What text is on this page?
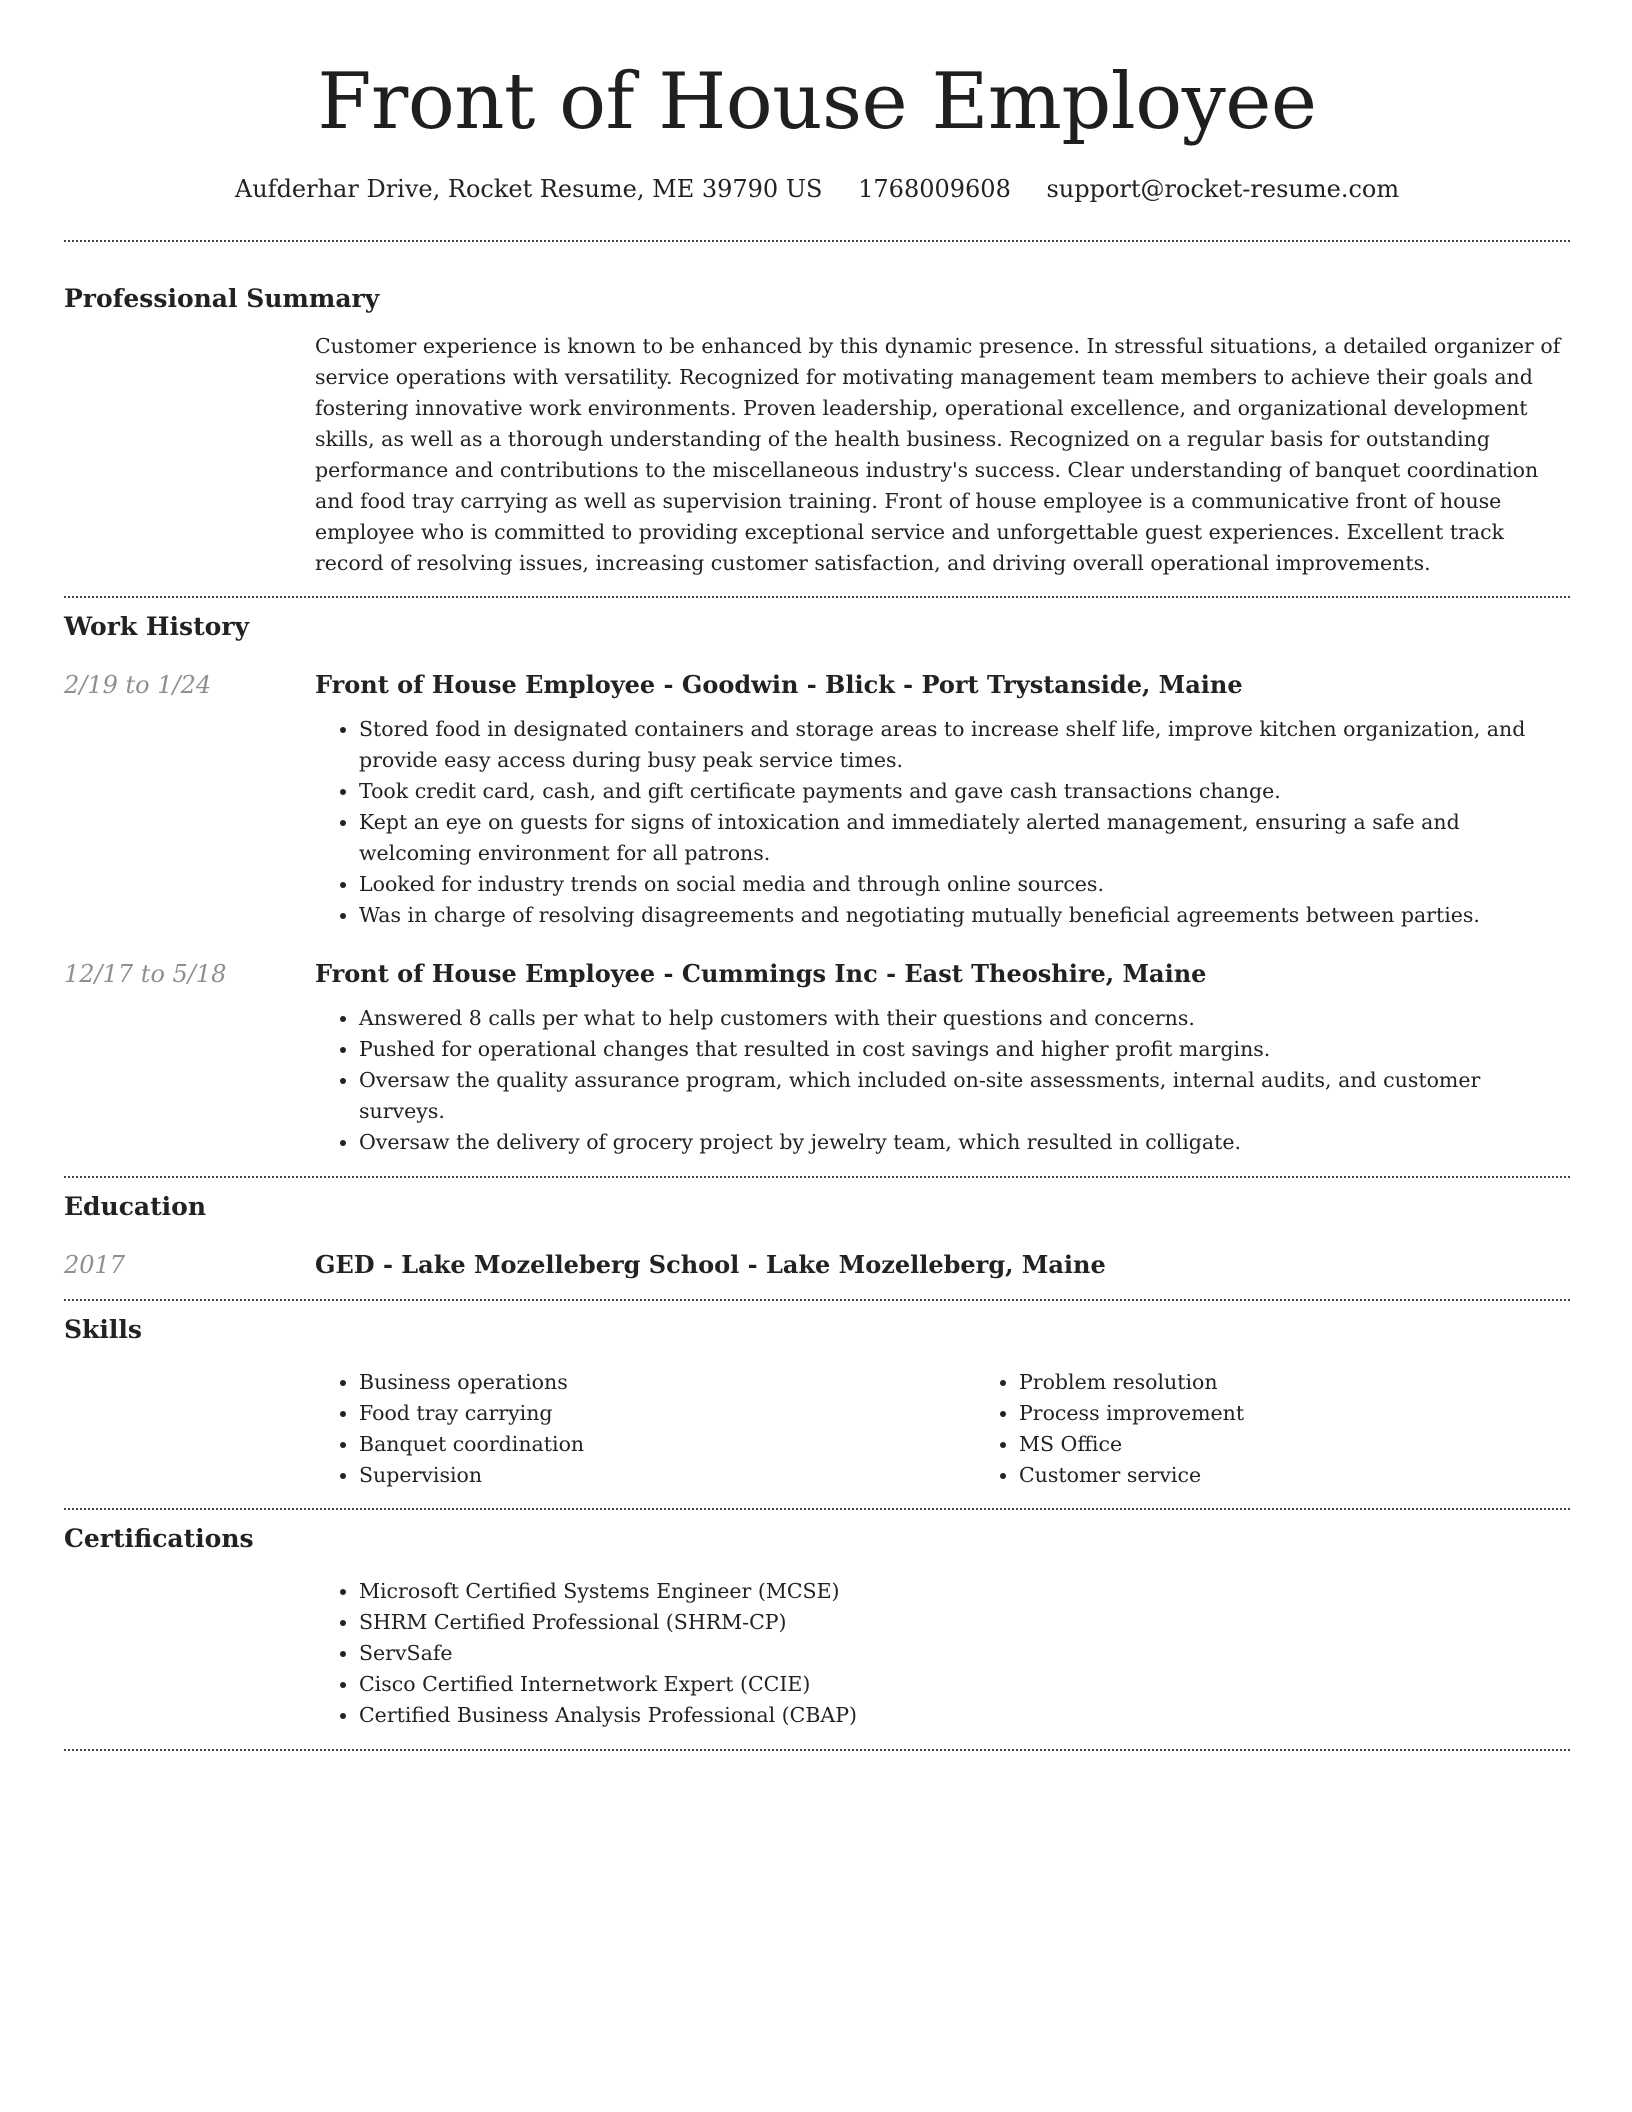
Front of House Employee
Aufderhar Drive, Rocket Resume, ME 39790 US 1768009608 support@rocket-resume.com
Professional Summary

Customer experience is known to be enhanced by this dynamic presence. In stressful situations, a detailed organizer of service operations with versatility. Recognized for motivating management team members to achieve their goals and fostering innovative work environments. Proven leadership, operational excellence, and organizational development skills, as well as a thorough understanding of the health business. Recognized on a regular basis for outstanding performance and contributions to the miscellaneous industry's success. Clear understanding of banquet coordination and food tray carrying as well as supervision training. Front of house employee is a communicative front of house employee who is committed to providing exceptional service and unforgettable guest experiences. Excellent track record of resolving issues, increasing customer satisfaction, and driving overall operational improvements.

Work History
2/19 to 1/24	Front of House Employee - Goodwin - Blick - Port Trystanside, Maine
• Stored food in designated containers and storage areas to increase shelf life, improve kitchen organization, and provide easy access during busy peak service times.
• Took credit card, cash, and gift certificate payments and gave cash transactions change.
• Kept an eye on guests for signs of intoxication and immediately alerted management, ensuring a safe and welcoming environment for all patrons.
• Looked for industry trends on social media and through online sources.
• Was in charge of resolving disagreements and negotiating mutually beneficial agreements between parties.
12/17 to 5/18	Front of House Employee - Cummings Inc - East Theoshire, Maine
• Answered 8 calls per what to help customers with their questions and concerns.
• Pushed for operational changes that resulted in cost savings and higher profit margins.
• Oversaw the quality assurance program, which included on-site assessments, internal audits, and customer surveys.
• Oversaw the delivery of grocery project by jewelry team, which resulted in colligate.
Education
2017	GED - Lake Mozelleberg School - Lake Mozelleberg, Maine
Skills
• Business operations
• Food tray carrying
• Banquet coordination
• Supervision
• Problem resolution
• Process improvement
• MS Office
• Customer service
Certifications
• Microsoft Certified Systems Engineer (MCSE)
• SHRM Certified Professional (SHRM-CP)
• ServSafe
• Cisco Certified Internetwork Expert (CCIE)
• Certified Business Analysis Professional (CBAP)
